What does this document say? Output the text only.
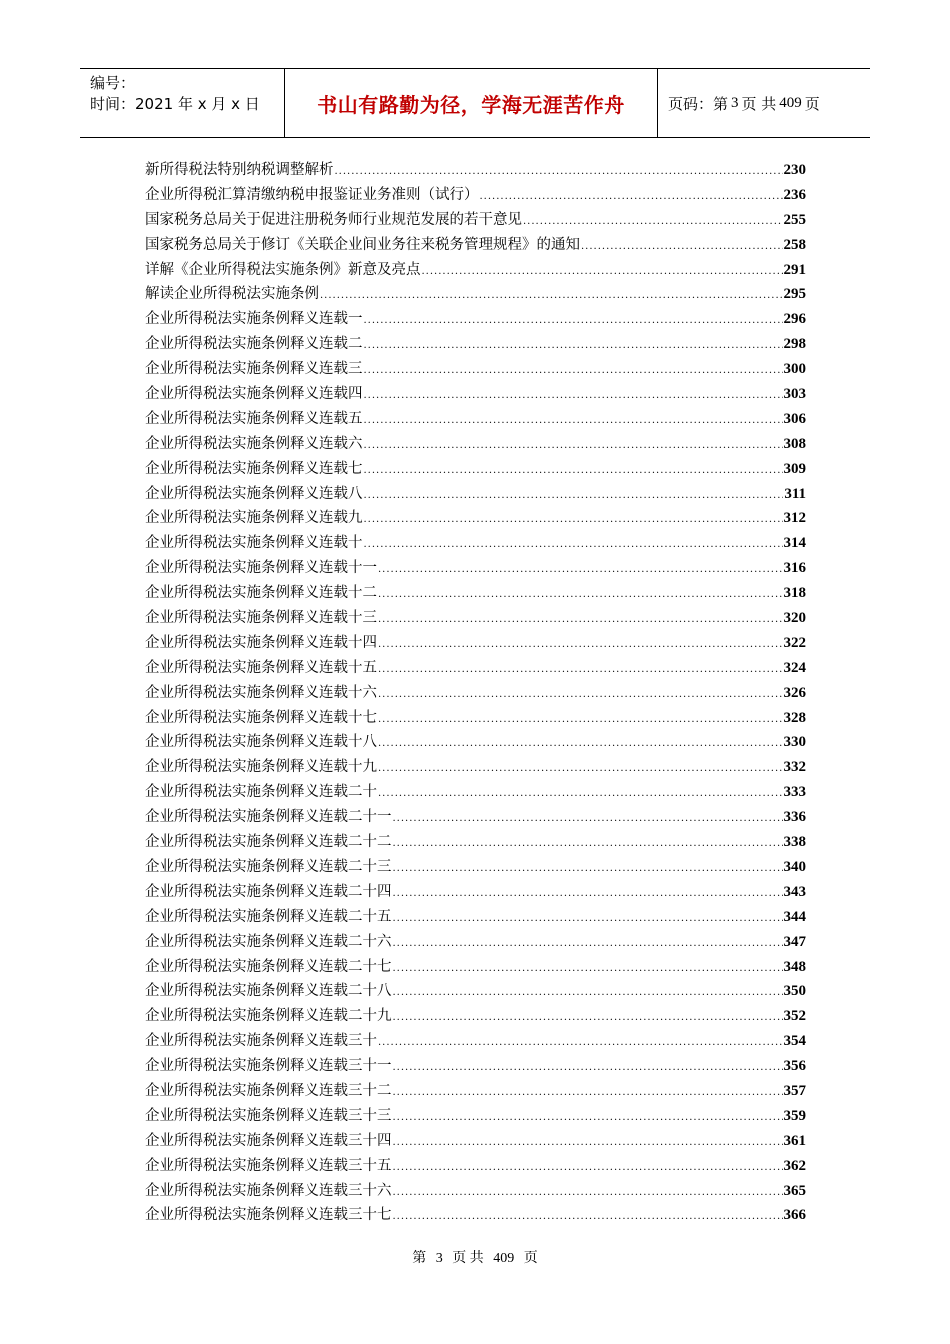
编号：
时间：2021 年 x 月 x 日	书山有路勤为径，学海无涯苦作舟	页码：第 3 页 共 409 页
新所得税法特别纳税调整解析 .....	230
企业所得税汇算清缴纳税申报鉴证业务准则（试行） .....	236
国家税务总局关于促进注册税务师行业规范发展的若干意见 .....	255
国家税务总局关于修订《关联企业间业务往来税务管理规程》的通知 .....	258
详解《企业所得税法实施条例》新意及亮点 .....	291
解读企业所得税法实施条例 .....	295
企业所得税法实施条例释义连载一 .....	296
企业所得税法实施条例释义连载二 .....	298
企业所得税法实施条例释义连载三 .....	300
企业所得税法实施条例释义连载四 .....	303
企业所得税法实施条例释义连载五 .....	306
企业所得税法实施条例释义连载六 .....	308
企业所得税法实施条例释义连载七 .....	309
企业所得税法实施条例释义连载八 .....	311
企业所得税法实施条例释义连载九 .....	312
企业所得税法实施条例释义连载十 .....	314
企业所得税法实施条例释义连载十一 .....	316
企业所得税法实施条例释义连载十二 .....	318
企业所得税法实施条例释义连载十三 .....	320
企业所得税法实施条例释义连载十四 .....	322
企业所得税法实施条例释义连载十五 .....	324
企业所得税法实施条例释义连载十六 .....	326
企业所得税法实施条例释义连载十七 .....	328
企业所得税法实施条例释义连载十八 .....	330
企业所得税法实施条例释义连载十九 .....	332
企业所得税法实施条例释义连载二十 .....	333
企业所得税法实施条例释义连载二十一 .....	336
企业所得税法实施条例释义连载二十二 .....	338
企业所得税法实施条例释义连载二十三 .....	340
企业所得税法实施条例释义连载二十四 .....	343
企业所得税法实施条例释义连载二十五 .....	344
企业所得税法实施条例释义连载二十六 .....	347
企业所得税法实施条例释义连载二十七 .....	348
企业所得税法实施条例释义连载二十八 .....	350
企业所得税法实施条例释义连载二十九 .....	352
企业所得税法实施条例释义连载三十 .....	354
企业所得税法实施条例释义连载三十一 .....	356
企业所得税法实施条例释义连载三十二 .....	357
企业所得税法实施条例释义连载三十三 .....	359
企业所得税法实施条例释义连载三十四 .....	361
企业所得税法实施条例释义连载三十五 .....	362
企业所得税法实施条例释义连载三十六 .....	365
企业所得税法实施条例释义连载三十七 .....	366
第 3 页 共 409 页
